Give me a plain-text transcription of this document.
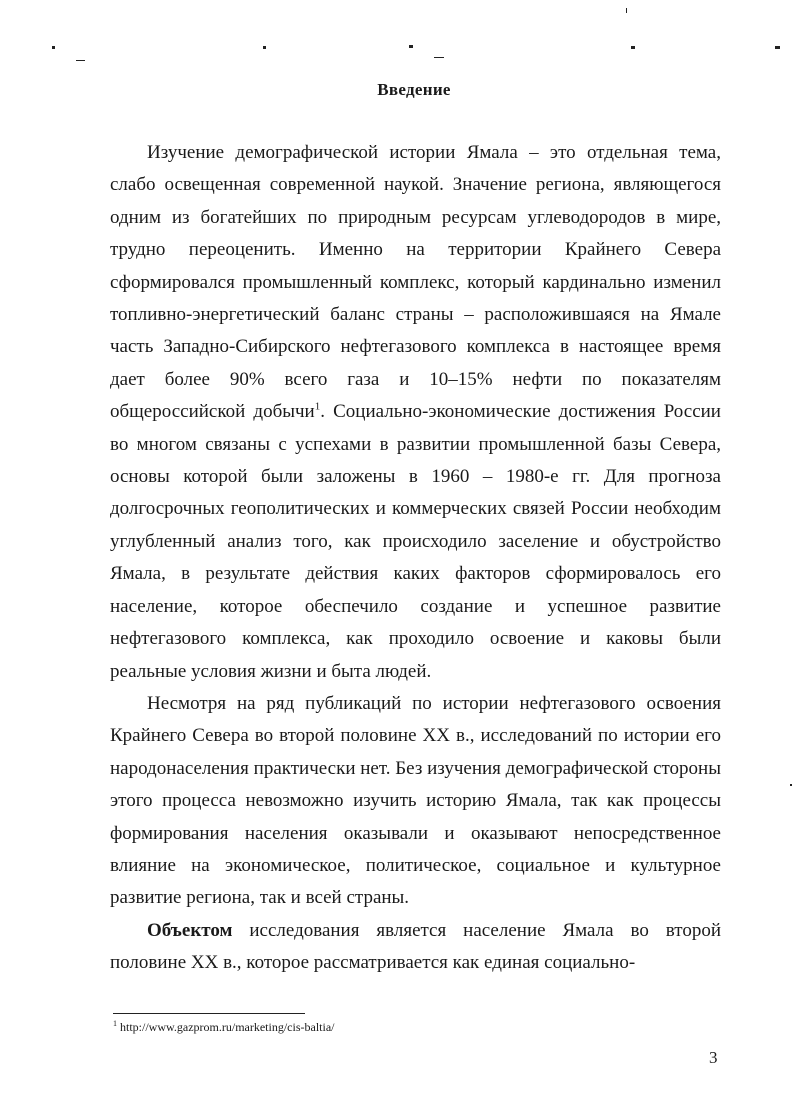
Введение

Изучение демографической истории Ямала – это отдельная тема, слабо освещенная современной наукой. Значение региона, являющегося одним из богатейших по природным ресурсам углеводородов в мире, трудно переоценить. Именно на территории Крайнего Севера сформировался промышленный комплекс, который кардинально изменил топливно-энергетический баланс страны – расположившаяся на Ямале часть Западно-Сибирского нефтегазового комплекса в настоящее время дает более 90% всего газа и 10–15% нефти по показателям общероссийской добычи$^1$. Социально-экономические достижения России во многом связаны с успехами в развитии промышленной базы Севера, основы которой были заложены в 1960 – 1980-е гг. Для прогноза долгосрочных геополитических и коммерческих связей России необходим углубленный анализ того, как происходило заселение и обустройство Ямала, в результате действия каких факторов сформировалось его население, которое обеспечило создание и успешное развитие нефтегазового комплекса, как проходило освоение и каковы были реальные условия жизни и быта людей.

Несмотря на ряд публикаций по истории нефтегазового освоения Крайнего Севера во второй половине XX в., исследований по истории его народонаселения практически нет. Без изучения демографической стороны этого процесса невозможно изучить историю Ямала, так как процессы формирования населения оказывали и оказывают непосредственное влияние на экономическое, политическое, социальное и культурное развитие региона, так и всей страны.

Объектом исследования является население Ямала во второй половине XX в., которое рассматривается как единая социально-

$^1$ http://www.gazprom.ru/marketing/cis-baltia/
3
